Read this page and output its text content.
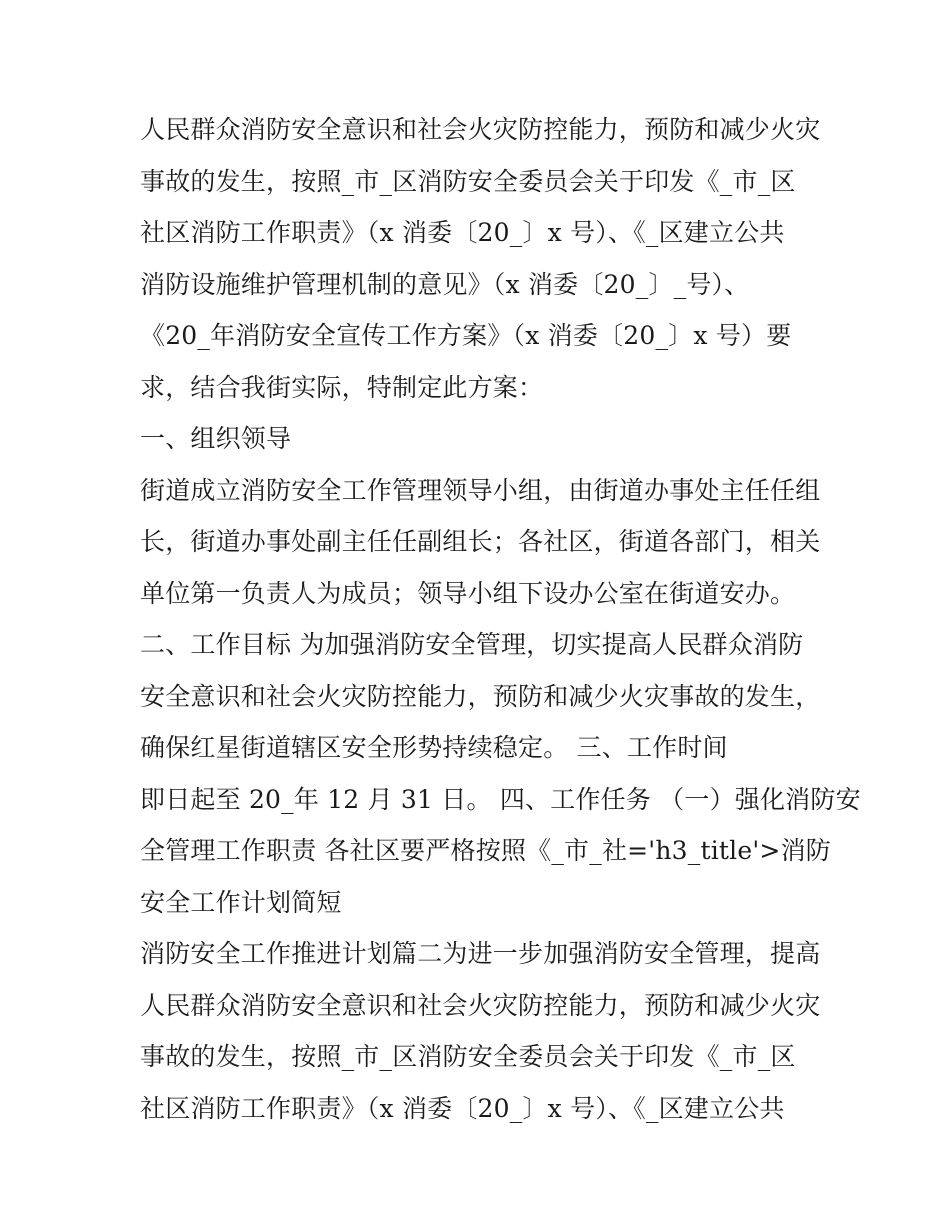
人民群众消防安全意识和社会火灾防控能力，预防和减少火灾
事故的发生，按照_市_区消防安全委员会关于印发《_市_区
社区消防工作职责》（x 消委〔20_〕x 号）、《_区建立公共
消防设施维护管理机制的意见》（x 消委〔20_〕_号）、
《20_年消防安全宣传工作方案》（x 消委〔20_〕x 号）要
求，结合我街实际，特制定此方案：
一、组织领导
街道成立消防安全工作管理领导小组，由街道办事处主任任组
长，街道办事处副主任任副组长；各社区，街道各部门，相关
单位第一负责人为成员；领导小组下设办公室在街道安办。
二、工作目标 为加强消防安全管理，切实提高人民群众消防
安全意识和社会火灾防控能力，预防和减少火灾事故的发生，
确保红星街道辖区安全形势持续稳定。 三、工作时间
即日起至 20_年 12 月 31 日。 四、工作任务 （一）强化消防安
全管理工作职责 各社区要严格按照《_市_社='h3_title'>消防
安全工作计划简短
消防安全工作推进计划篇二为进一步加强消防安全管理，提高
人民群众消防安全意识和社会火灾防控能力，预防和减少火灾
事故的发生，按照_市_区消防安全委员会关于印发《_市_区
社区消防工作职责》（x 消委〔20_〕x 号）、《_区建立公共
